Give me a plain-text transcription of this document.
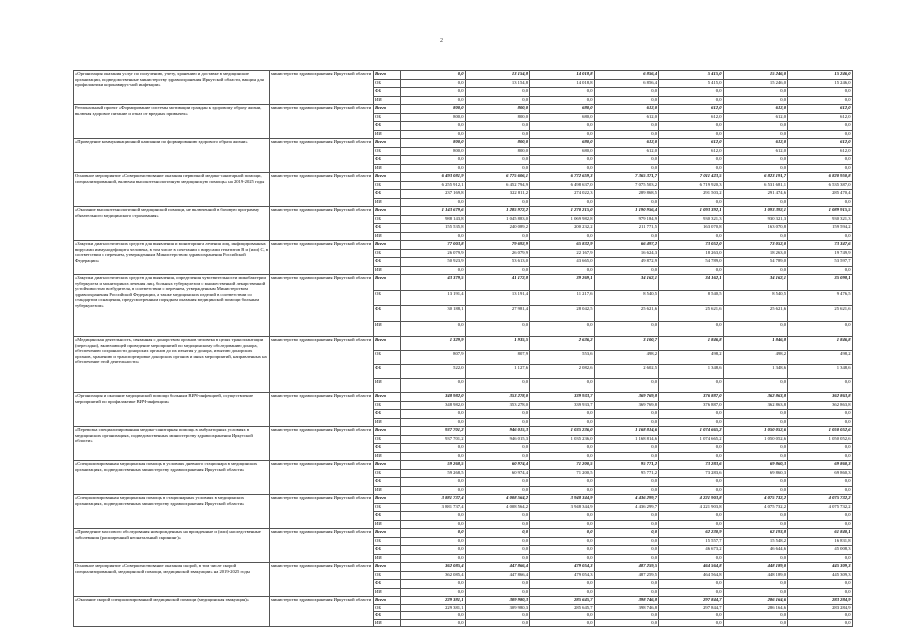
2
«Организация оказания услуг по получению, учету, хранению и доставке в медицинские организации, подведомственные министерству здравоохранения Иркутской области, вакцин для профилактики коронавирус-ной инфекции»	министерство здравоохранения Иркутской области	Всего	0,0	13 154,8	14 018,8	6 856,4	5 415,0	15 246,0	15 246,0
		ОБ	0,0	13 154,8	14 018,8	6 856,4	5 415,0	15 246,0	15 246,0
		ФБ	0,0	0,0	0,0	0,0	0,0	0,0	0,0
		ИИ	0,0	0,0	0,0	0,0	0,0	0,0	0,0
Региональный проект «Формирование системы мотивации граждан к здоровому образу жизни, включая здоровое питание и отказ от вредных привычек»	министерство здравоохранения Иркутской области	Всего	800,0	800,0	680,0	612,0	612,0	612,0	612,0
		ОБ	800,0	800,0	680,0	612,0	612,0	612,0	612,0
		ФБ	0,0	0,0	0,0	0,0	0,0	0,0	0,0
		ИИ	0,0	0,0	0,0	0,0	0,0	0,0	0,0
«Проведение коммуникационной кампании по формированию здорового образа жизни»	министерство здравоохранения Иркутской области	Всего	800,0	800,0	680,0	612,0	612,0	612,0	612,0
		ОБ	800,0	800,0	680,0	612,0	612,0	612,0	612,0
		ФБ	0,0	0,0	0,0	0,0	0,0	0,0	0,0
		ИИ	0,0	0,0	0,0	0,0	0,0	0,0	0,0
Основное мероприятие «Совершенствование оказания первичной медико-санитарной помощи, специализированной, включая высокотехнологичную медицинскую помощь» на 2019-2025 годы	министерство здравоохранения Иркутской области	Всего	6 493 081,9	6 775 606,1	6 772 659,3	7 365 371,7	7 011 423,5	6 823 191,7	6 820 950,8
		ОБ	6 255 912,1	6 452 794,9	6 498 637,0	7 075 503,2	6 719 920,3	6 531 681,1	6 535 387,0
		ФБ	237 169,8	322 811,2	274 022,3	289 868,5	291 503,2	291 474,6	285 470,4
		ИИ	0,0	0,0	0,0	0,0	0,0	0,0	0,0
«Оказание высокотехнологичной медицинской помощи, не включенной в базовую программу обязательного медицинского страхования»	министерство здравоохранения Иркутской области	Всего	1 143 679,6	1 285 972,2	1 270 215,0	1 190 956,4	1 093 392,1	1 093 392,1	1 089 915,5
		ОБ	988 143,8	1 045 883,0	1 069 982,8	979 184,9	930 321,3	930 321,3	930 321,3
		ФБ	155 535,8	240 089,2	200 232,2	211 771,5	163 070,8	163 070,8	159 594,2
		ИИ	0,0	0,0	0,0	0,0	0,0	0,0	0,0
«Закупки диагностических средств для выявления и мониторинга лечения лиц, инфицированных вирусами иммунодефицита человека, в том числе в сочетании с вирусами гепатитов В и (или) С, в соответствии с перечнем, утвержденным Министерством здравоохранения Российской Федерации»	министерство здравоохранения Иркутской области	Всего	77 003,8	79 692,9	65 832,9	66 497,2	73 052,0	73 052,0	73 347,6
		ОБ	26 079,9	26 079,9	22 167,9	16 624,3	18 263,0	18 263,0	19 749,9
		ФБ	50 923,9	53 613,0	43 665,0	49 872,9	54 789,0	54 789,0	53 597,7
		ИИ	0,0	0,0	0,0	0,0	0,0	0,0	0,0
«Закупки диагностических средств для выявления, определения чувствительности микобактерии туберкулеза и мониторинга лечения лиц, больных туберкулезом с множественной лекарственной устойчивостью возбудителя, в соответствии с перечнем, утвержденным Министерством здравоохранения Российской Федерации, а также медицинских изделий в соответствии со стандартом оснащения, предусмотренным порядком оказания медицинской помощи больным туберкулезом»	министерство здравоохранения Иркутской области	Всего	43 379,5	41 172,8	39 269,1	34 162,1	34 162,1	34 162,1	35 098,1
		ОБ	13 191,4	13 191,4	11 217,6	8 540,5	8 540,5	8 540,5	9 476,5
		ФБ	30 188,1	27 981,4	28 042,5	25 621,6	25 621,6	25 621,6	25 621,6
		ИИ	0,0	0,0	0,0	0,0	0,0	0,0	0,0
«Медицинская деятельность, связанная с донорством органов человека в целях трансплантации (пересадки), включающей проведение мероприятий по медицинскому обследованию донора, обеспечению сохранности донорских органов до их изъятия у донора, изъятию донорских органов, хранению и транспортировке донорских органов и иных мероприятий, направленных на обеспечение этой деятельности»	министерство здравоохранения Иркутской области	Всего	1 329,9	1 935,5	2 636,2	3 100,7	1 846,8	1 846,8	1 846,8
		ОБ	807,9	807,9	553,6	498,2	498,2	498,2	498,2
		ФБ	522,0	1 127,6	2 082,6	2 602,5	1 348,6	1 348,6	1 348,6
		ИИ	0,0	0,0	0,0	0,0	0,0	0,0	0,0
«Организация и оказание медицинской помощи больным ВИЧ-инфекцией, осуществление мероприятий по профилактике ВИЧ-инфекции»	министерство здравоохранения Иркутской области	Всего	348 982,0	353 278,0	339 933,7	369 769,8	376 887,0	362 863,8	362 863,8
		ОБ	348 982,0	353 278,0	339 933,7	369 769,8	376 887,0	362 863,8	362 863,8
		ФБ	0,0	0,0	0,0	0,0	0,0	0,0	0,0
		ИИ	0,0	0,0	0,0	0,0	0,0	0,0	0,0
«Перевозка специализированная медико-санитарная помощь в амбулаторных условиях в медицинских организациях, подведомственных министерству здравоохранения Иркутской области»	министерство здравоохранения Иркутской области	Всего	937 701,2	946 015,3	1 035 236,0	1 168 814,6	1 074 665,2	1 050 052,6	1 050 052,6
		ОБ	937 701,2	946 015,3	1 035 236,0	1 168 814,6	1 074 665,2	1 050 052,6	1 050 052,6
		ФБ	0,0	0,0	0,0	0,0	0,0	0,0	0,0
		ИИ	0,0	0,0	0,0	0,0	0,0	0,0	0,0
«Специализированная медицинская помощь в условиях дневного стационара в медицинских организациях, подведомственных министерству здравоохранения Иркутской области»	министерство здравоохранения Иркутской области	Всего	59 268,5	60 974,4	71 200,5	95 771,2	73 283,6	69 860,3	69 860,3
		ОБ	59 268,5	60 974,4	71 200,5	95 771,2	73 283,6	69 860,3	69 860,3
		ФБ	0,0	0,0	0,0	0,0	0,0	0,0	0,0
		ИИ	0,0	0,0	0,0	0,0	0,0	0,0	0,0
«Специализированная медицинская помощь в стационарных условиях в медицинских организациях, подведомственных министерству здравоохранения Иркутской области»	министерство здравоохранения Иркутской области	Всего	3 881 737,4	4 008 564,2	3 948 344,9	4 436 299,7	4 221 903,8	4 075 732,2	4 075 732,2
		ОБ	3 881 737,4	4 008 564,2	3 948 344,9	4 436 299,7	4 221 903,8	4 075 732,2	4 075 732,2
		ФБ	0,0	0,0	0,0	0,0	0,0	0,0	0,0
		ИИ	0,0	0,0	0,0	0,0	0,0	0,0	0,0
«Проведение массового обследования новорожденных на врожденные и (или) наследственные заболевания (расширенный неонатальный скрининг)»	министерство здравоохранения Иркутской области	Всего	0,0	0,0	0,0	0,0	62 230,9	62 193,8	61 840,1
		ОБ	0,0	0,0	0,0	0,0	15 557,7	15 548,2	16 831,8
		ФБ	0,0	0,0	0,0	0,0	46 673,2	46 644,6	45 008,3
		ИИ	0,0	0,0	0,0	0,0	0,0	0,0	0,0
Основное мероприятие «Совершенствование оказания скорой, в том числе скорой специализированной, медицинской помощи, медицинской эвакуации» на 2019-2025 годы	министерство здравоохранения Иркутской области	Всего	362 085,4	447 866,4	479 054,3	487 259,5	464 564,8	448 189,0	445 309,3
		ОБ	362 085,4	447 866,4	479 054,3	487 259,5	464 564,8	448 189,0	445 309,3
		ФБ	0,0	0,0	0,0	0,0	0,0	0,0	0,0
		ИИ	0,0	0,0	0,0	0,0	0,0	0,0	0,0
«Оказание скорой специализированной медицинской помощи (медицинская эвакуация)»	министерство здравоохранения Иркутской области	Всего	229 381,1	309 980,3	285 645,7	398 746,8	297 844,7	286 164,6	283 284,9
		ОБ	229 381,1	309 980,3	285 645,7	398 746,8	297 844,7	286 164,6	283 284,9
		ФБ	0,0	0,0	0,0	0,0	0,0	0,0	0,0
		ИИ	0,0	0,0	0,0	0,0	0,0	0,0	0,0
